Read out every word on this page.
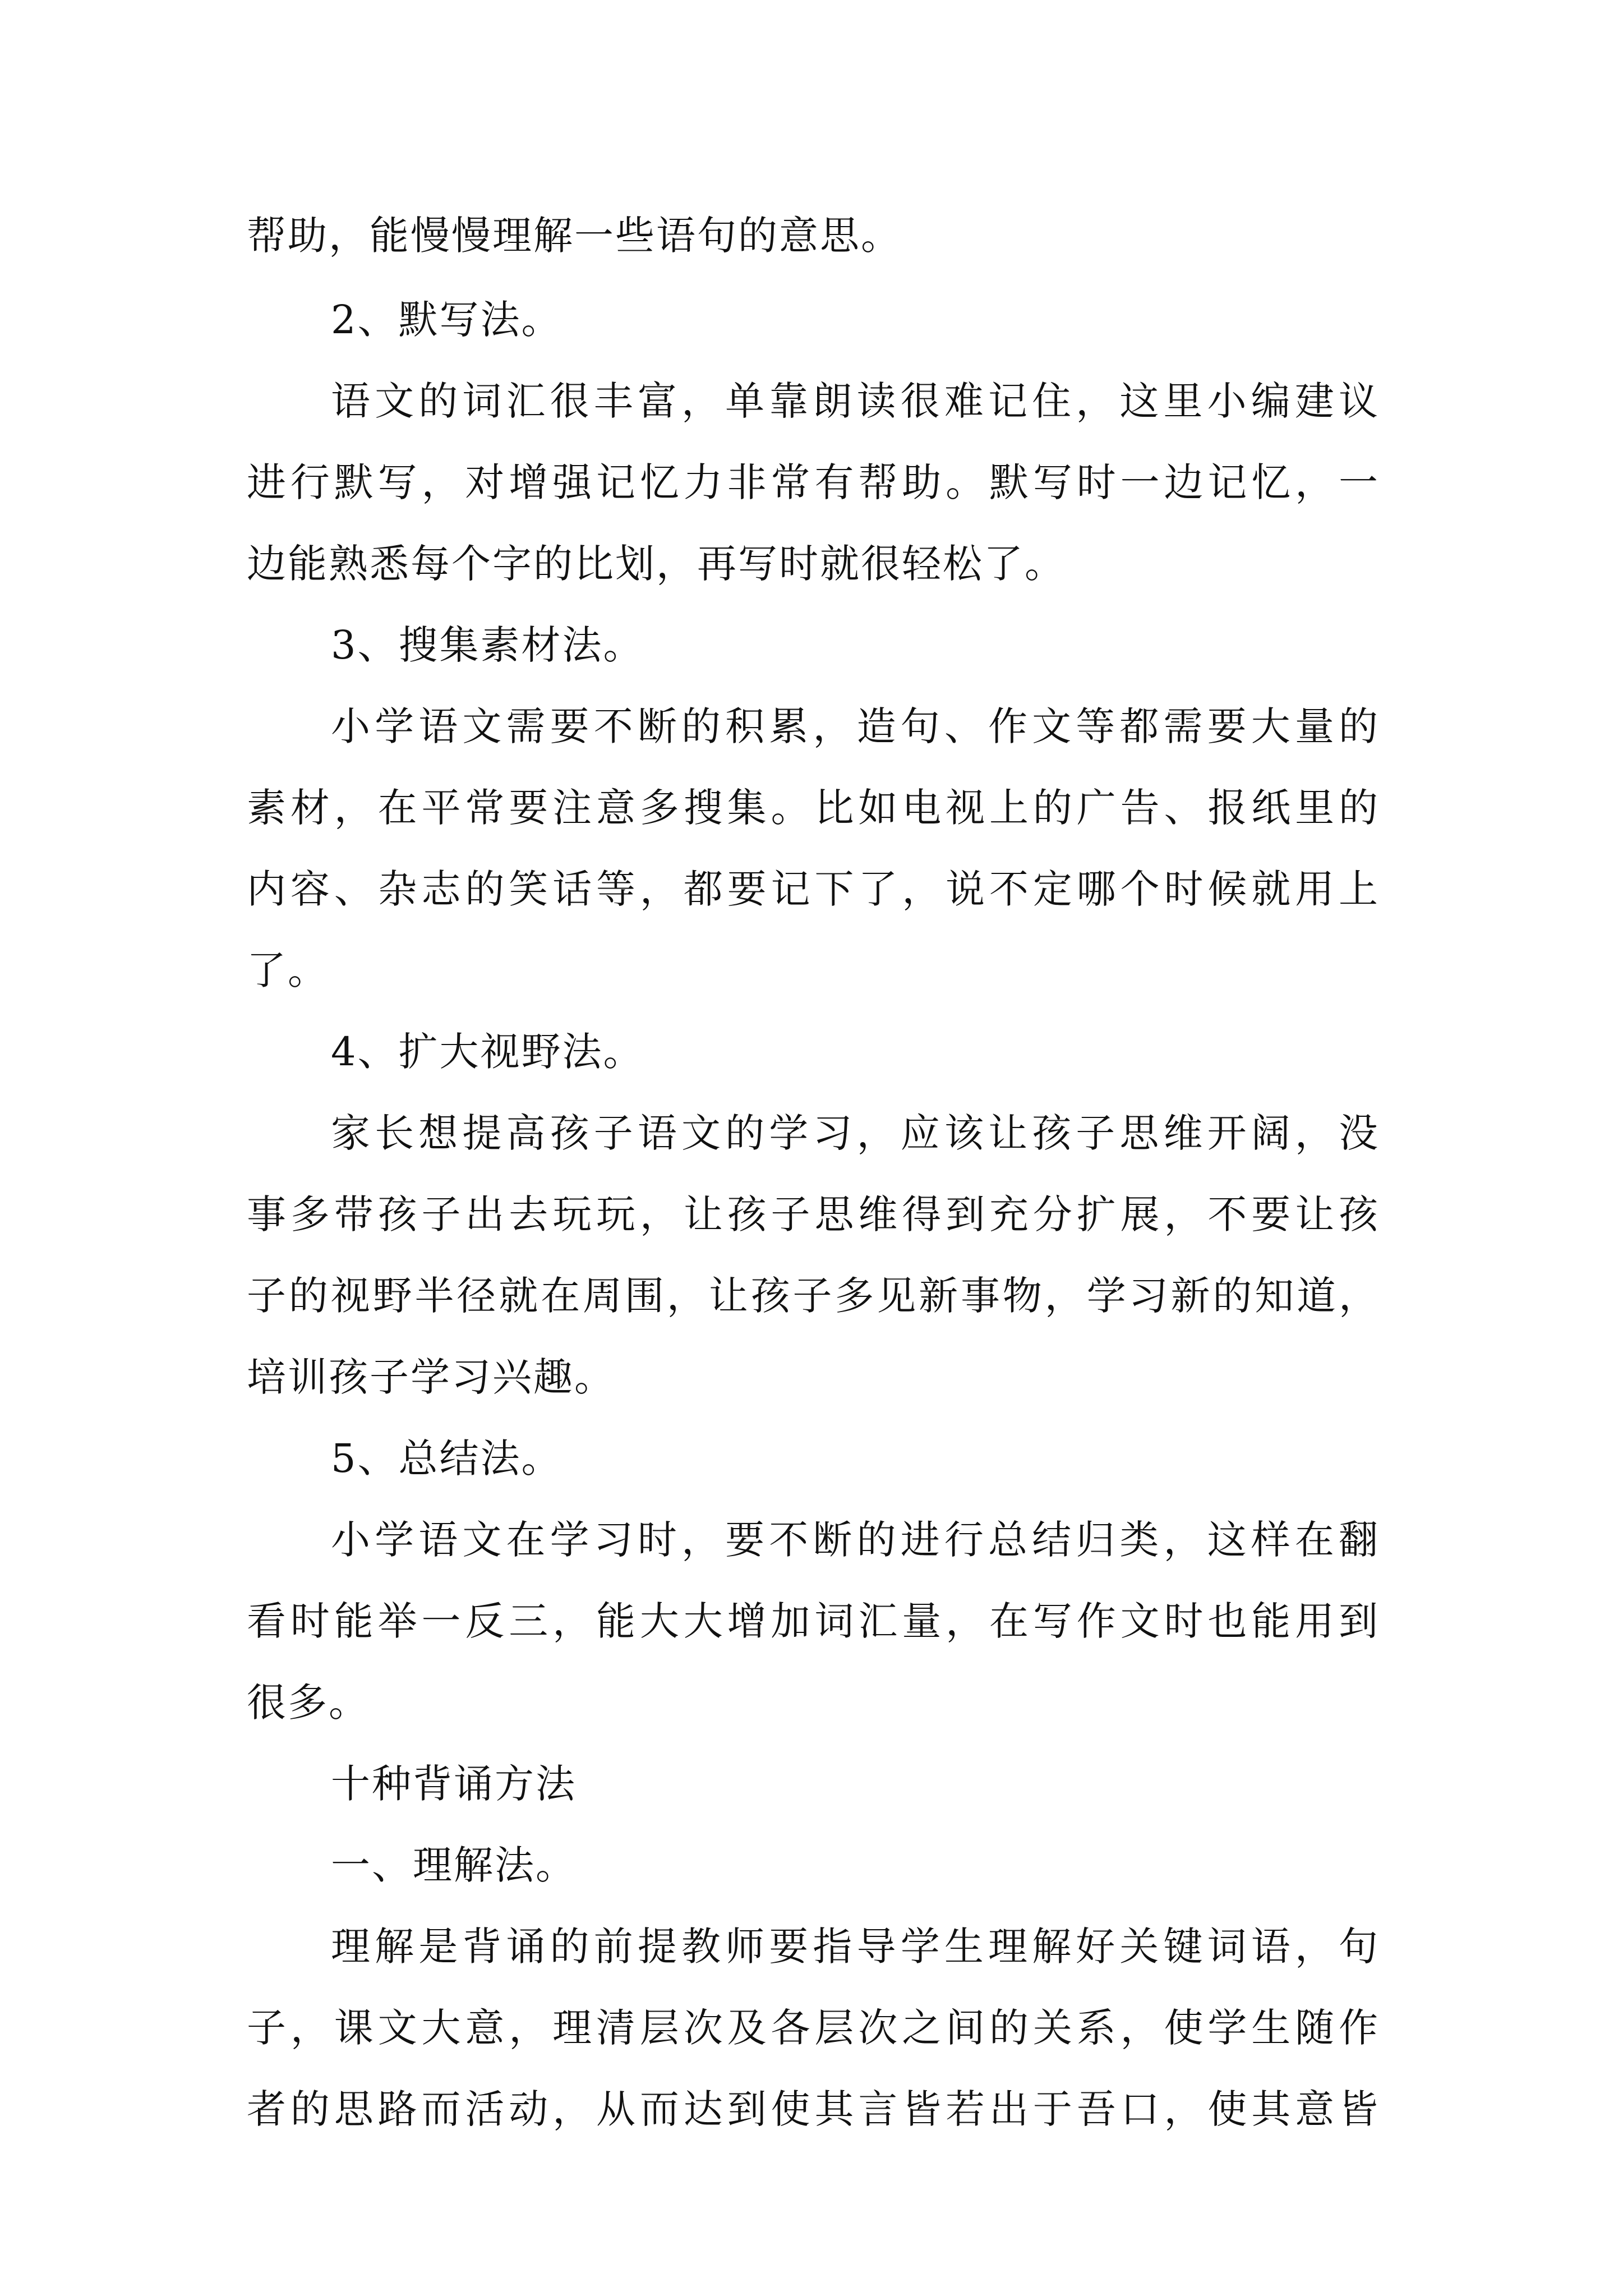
帮助，能慢慢理解一些语句的意思。

2、默写法。

语文的词汇很丰富，单靠朗读很难记住，这里小编建议

进行默写，对增强记忆力非常有帮助。默写时一边记忆，一

边能熟悉每个字的比划，再写时就很轻松了。

3、搜集素材法。

小学语文需要不断的积累，造句、作文等都需要大量的

素材，在平常要注意多搜集。比如电视上的广告、报纸里的

内容、杂志的笑话等，都要记下了，说不定哪个时候就用上

了。

4、扩大视野法。

家长想提高孩子语文的学习，应该让孩子思维开阔，没

事多带孩子出去玩玩，让孩子思维得到充分扩展，不要让孩

子的视野半径就在周围，让孩子多见新事物，学习新的知道，

培训孩子学习兴趣。

5、总结法。

小学语文在学习时，要不断的进行总结归类，这样在翻

看时能举一反三，能大大增加词汇量，在写作文时也能用到

很多。

十种背诵方法

一、理解法。

理解是背诵的前提教师要指导学生理解好关键词语，句

子，课文大意，理清层次及各层次之间的关系，使学生随作

者的思路而活动，从而达到使其言皆若出于吾口，使其意皆
